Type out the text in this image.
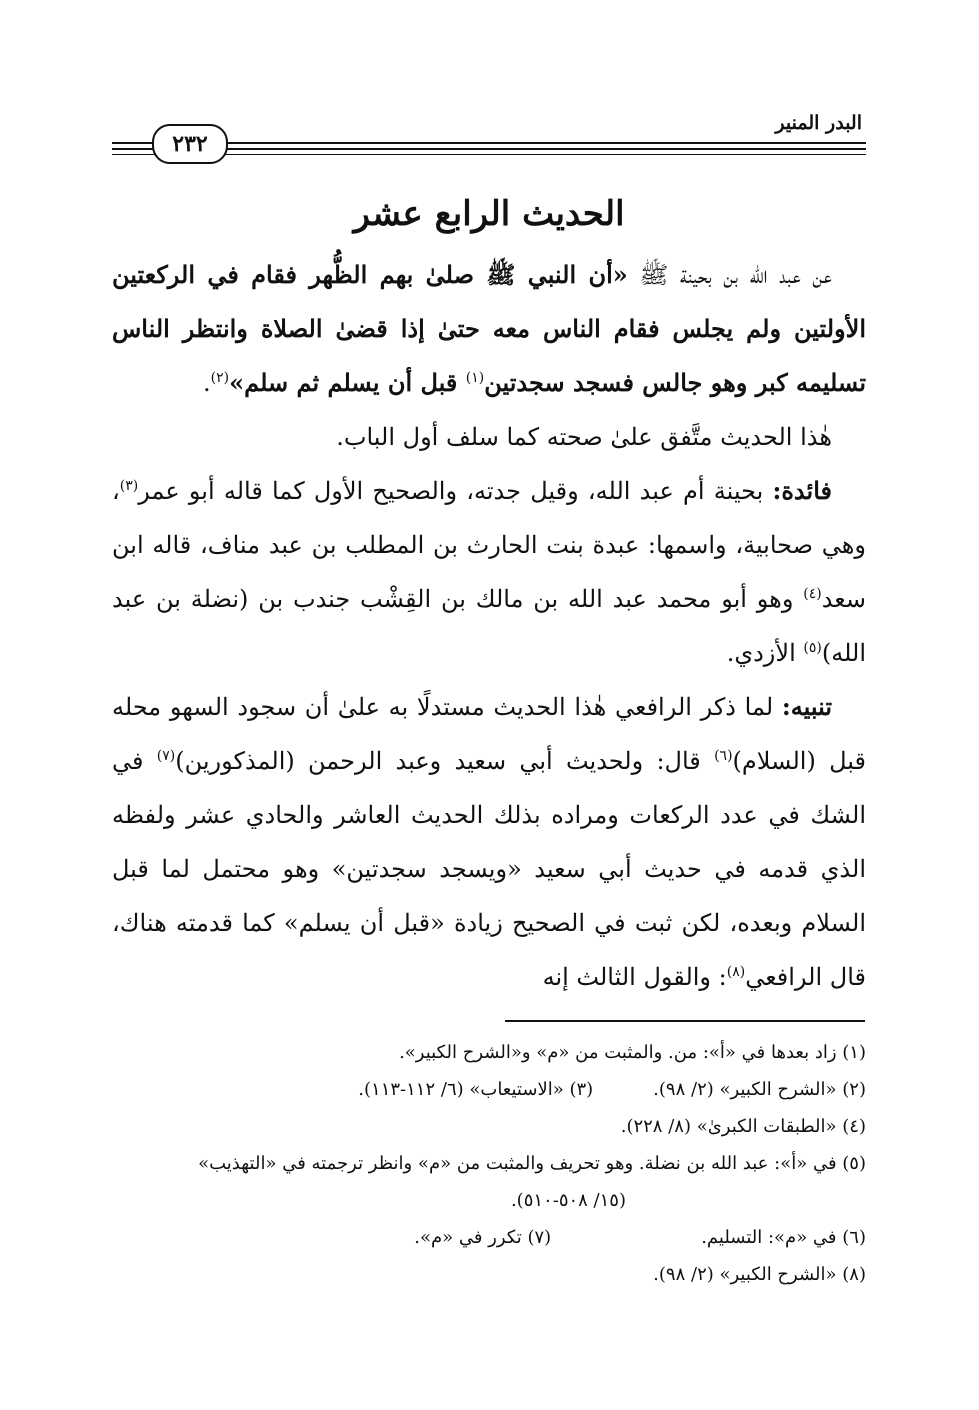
البدر المنير
٢٣٢
الحديث الرابع عشر

عن عبد الله بن بحينة ﷺ «أن النبي ﷺ صلىٰ بهم الظُّهر فقام في الركعتين الأولتين ولم يجلس فقام الناس معه حتىٰ إذا قضىٰ الصلاة وانتظر الناس تسليمه كبر وهو جالس فسجد سجدتين$^{(١)}$ قبل أن يسلم ثم سلم»$^{(٢)}$.

هٰذا الحديث متَّفق علىٰ صحته كما سلف أول الباب.

فائدة: بحينة أم عبد الله، وقيل جدته، والصحيح الأول كما قاله أبو عمر$^{(٣)}$، وهي صحابية، واسمها: عبدة بنت الحارث بن المطلب بن عبد مناف، قاله ابن سعد$^{(٤)}$ وهو أبو محمد عبد الله بن مالك بن القِشْب جندب بن (نضلة بن عبد الله)$^{(٥)}$ الأزدي.

تنبيه: لما ذكر الرافعي هٰذا الحديث مستدلًا به علىٰ أن سجود السهو محله قبل (السلام)$^{(٦)}$ قال: ولحديث أبي سعيد وعبد الرحمن (المذكورين)$^{(٧)}$ في الشك في عدد الركعات ومراده بذلك الحديث العاشر والحادي عشر ولفظه الذي قدمه في حديث أبي سعيد «ويسجد سجدتين» وهو محتمل لما قبل السلام وبعده، لكن ثبت في الصحيح زيادة «قبل أن يسلم» كما قدمته هناك، قال الرافعي$^{(٨)}$: والقول الثالث إنه

(١) زاد بعدها في «أ»: من. والمثبت من «م» و«الشرح الكبير».

(٢) «الشرح الكبير» (٢/ ٩٨).
(٣) «الاستيعاب» (٦/ ١١٢-١١٣).

(٤) «الطبقات الكبرىٰ» (٨/ ٢٢٨).

(٥) في «أ»: عبد الله بن نضلة. وهو تحريف والمثبت من «م» وانظر ترجمته في «التهذيب»

(١٥/ ٥٠٨-٥١٠).

(٦) في «م»: التسليم.
(٧) تكرر في «م».

(٨) «الشرح الكبير» (٢/ ٩٨).
